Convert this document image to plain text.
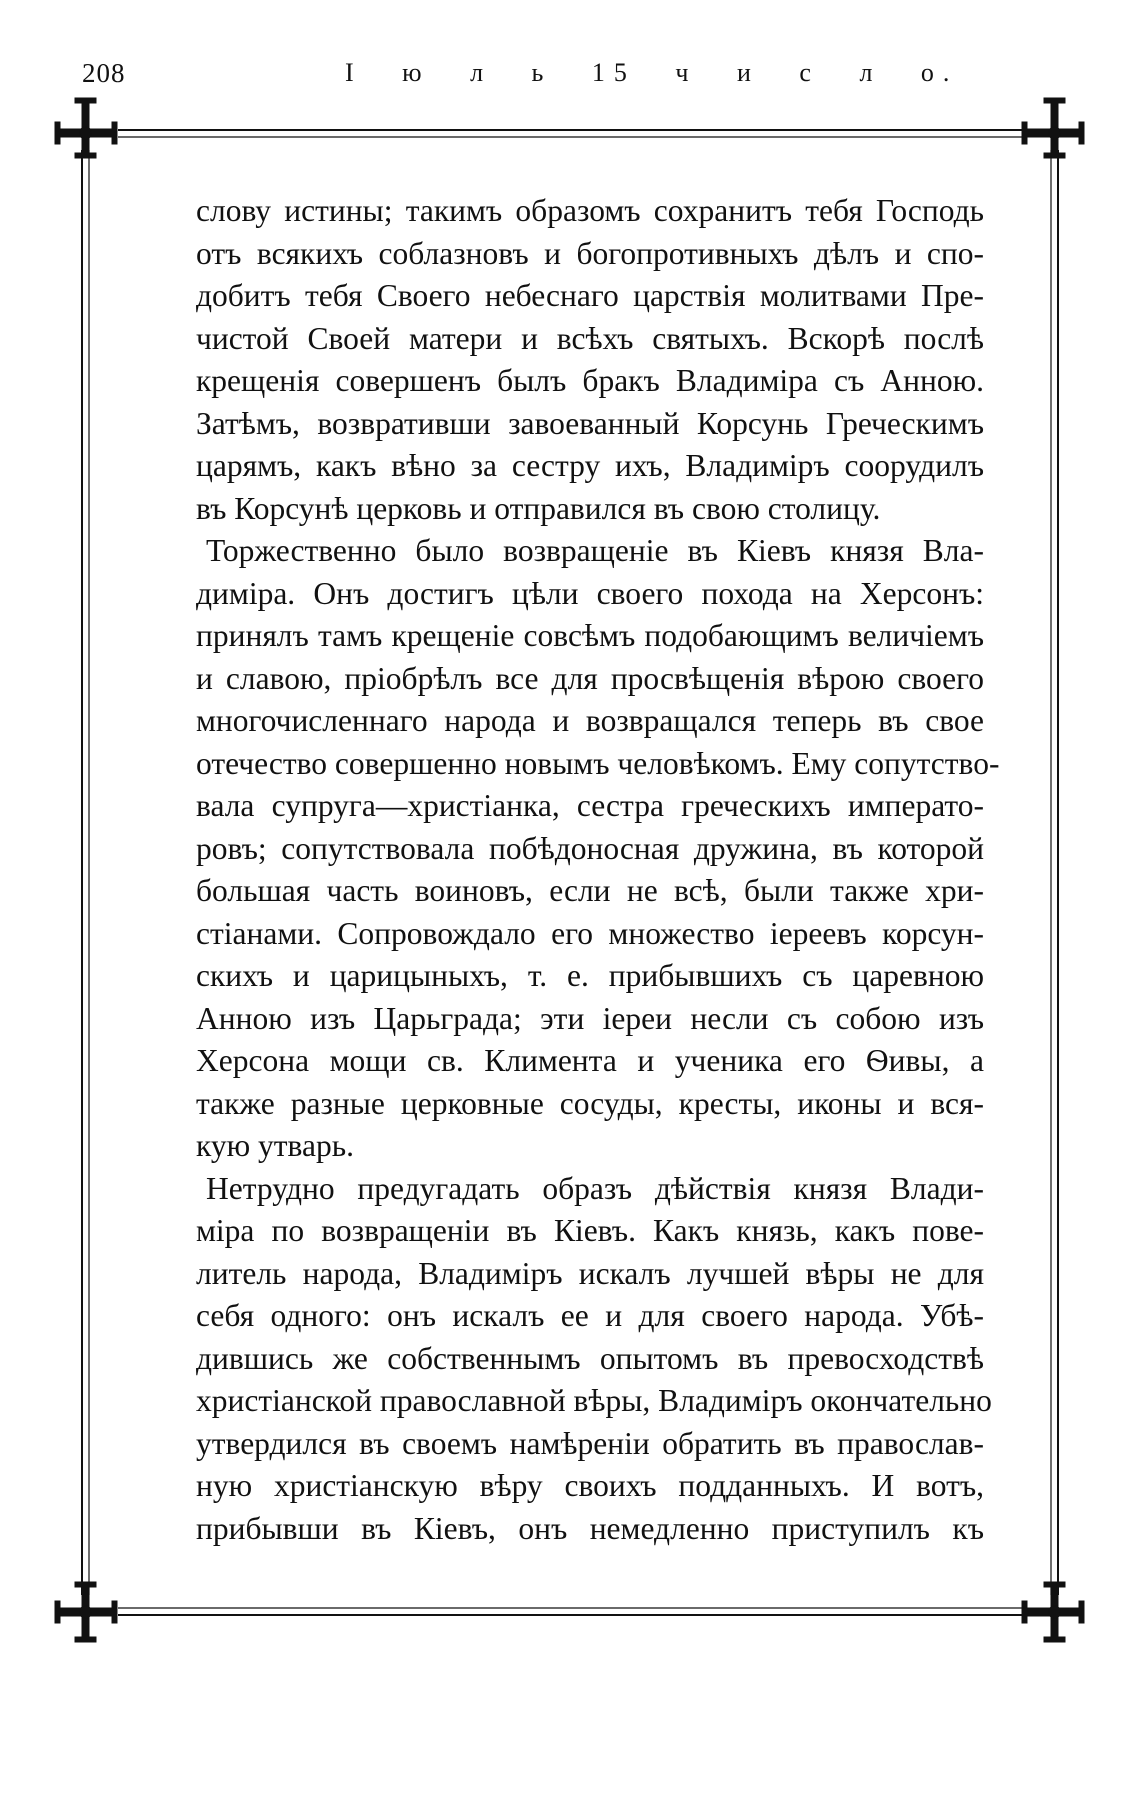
208	I ю л ь 15 ч и с л о.
слову истины; такимъ образомъ сохранитъ тебя Господь
отъ всякихъ соблазновъ и богопротивныхъ дѣлъ и спо-
добитъ тебя Своего небеснаго царствія молитвами Пре-
чистой Своей матери и всѣхъ святыхъ. Вскорѣ послѣ
крещенія совершенъ былъ бракъ Владиміра съ Анною.
Затѣмъ, возвративши завоеванный Корсунь Греческимъ
царямъ, какъ вѣно за сестру ихъ, Владиміръ соорудилъ
въ Корсунѣ церковь и отправился въ свою столицу.
Торжественно было возвращеніе въ Кіевъ князя Вла-
диміра. Онъ достигъ цѣли своего похода на Херсонъ:
принялъ тамъ крещеніе совсѣмъ подобающимъ величіемъ
и славою, пріобрѣлъ все для просвѣщенія вѣрою своего
многочисленнаго народа и возвращался теперь въ свое
отечество совершенно новымъ человѣкомъ. Ему сопутство-
вала супруга—христіанка, сестра греческихъ императо-
ровъ; сопутствовала побѣдоносная дружина, въ которой
большая часть воиновъ, если не всѣ, были также хри-
стіанами. Сопровождало его множество іереевъ корсун-
скихъ и царицыныхъ, т. е. прибывшихъ съ царевною
Анною изъ Царьграда; эти іереи несли съ собою изъ
Херсона мощи св. Климента и ученика его Ѳивы, а
также разные церковные сосуды, кресты, иконы и вся-
кую утварь.
Нетрудно предугадать образъ дѣйствія князя Влади-
міра по возвращеніи въ Кіевъ. Какъ князь, какъ пове-
литель народа, Владиміръ искалъ лучшей вѣры не для
себя одного: онъ искалъ ее и для своего народа. Убѣ-
дившись же собственнымъ опытомъ въ превосходствѣ
христіанской православной вѣры, Владиміръ окончательно
утвердился въ своемъ намѣреніи обратить въ православ-
ную христіанскую вѣру своихъ подданныхъ. И вотъ,
прибывши въ Кіевъ, онъ немедленно приступилъ къ
